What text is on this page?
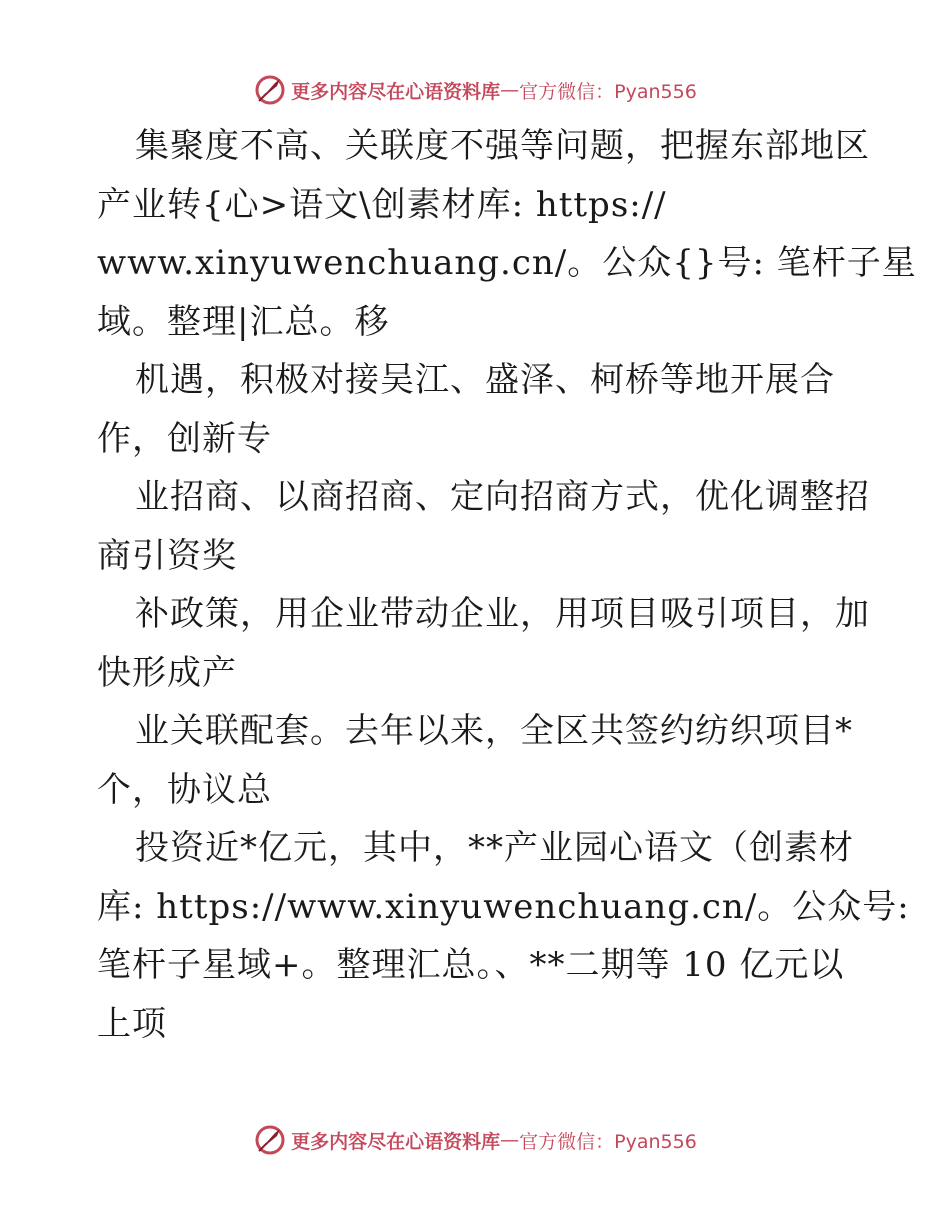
更多内容尽在心语资料库 — 官方微信：Pyan556
集聚度不高、关联度不强等问题，把握东部地区
产业转{心>语文\创素材库: https://
www.xinyuwenchuang.cn/。公众{}号: 笔杆子星
域。整理|汇总。移
机遇，积极对接吴江、盛泽、柯桥等地开展合
作，创新专
业招商、以商招商、定向招商方式，优化调整招
商引资奖
补政策，用企业带动企业，用项目吸引项目，加
快形成产
业关联配套。去年以来，全区共签约纺织项目*
个，协议总
投资近*亿元，其中，**产业园心语文（创素材
库: https://www.xinyuwenchuang.cn/。公众号:
笔杆子星域+。整理汇总。、**二期等 10 亿元以
上项
更多内容尽在心语资料库 — 官方微信：Pyan556
